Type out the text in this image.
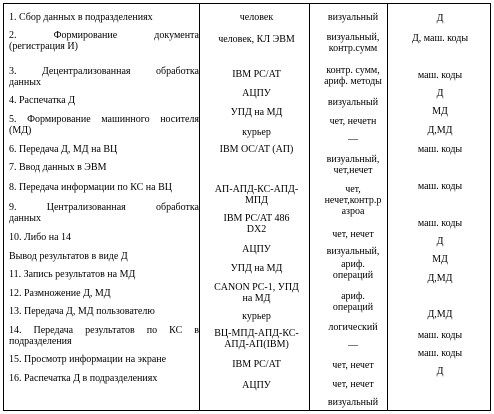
1. Сбор данных в подразделениях
2. Формирование документа
(регистрация И)
3. Децентрализованная обработка
данных
4. Распечатка Д
5. Формирование машинного носителя
(МД)
6. Передача Д, МД на ВЦ
7. Ввод данных в ЭВМ
8. Передача информации по КС на ВЦ
9. Централизованная обработка
данных
10. Либо на 14
Вывод результатов в виде Д
11. Запись результатов на МД
12. Размножение Д, МД
13. Передача Д, МД пользователю
14. Передача результатов по КС в
подразделения
15. Просмотр информации на экране
16. Распечатка Д в подразделениях
человек
человек, КЛ ЭВМ
IBM PC/AT
АЦПУ
УПД на МД
курьер
IBM OC/AT (АП)
АП-АПД-КС-АПД-
МПД
IBM PC/AT 486
DX2
АЦПУ
УПД на МД
CANON PC-1, УПД
на МД
курьер
ВЦ-МПД-АПД-КС-
АПД-АП(IBM)
IBM PC/AT
АЦПУ
визуальный
визуальный,
контр.сумм
контр. сумм,
ариф. методы
визуальный
чет, нечетн
—
визуальный,
чет,нечет
чет,
нечет,контр.р
азроа
чет, нечет
визуальный,
ариф.
операций
ариф.
операций
логический
—
чет, нечет
чет, нечет
визуальный
Д
Д, маш. коды
маш. коды
Д
МД
Д,МД
маш. коды
маш. коды
маш. коды
Д
МД
Д,МД
Д,МД
маш. коды
маш. коды
Д
